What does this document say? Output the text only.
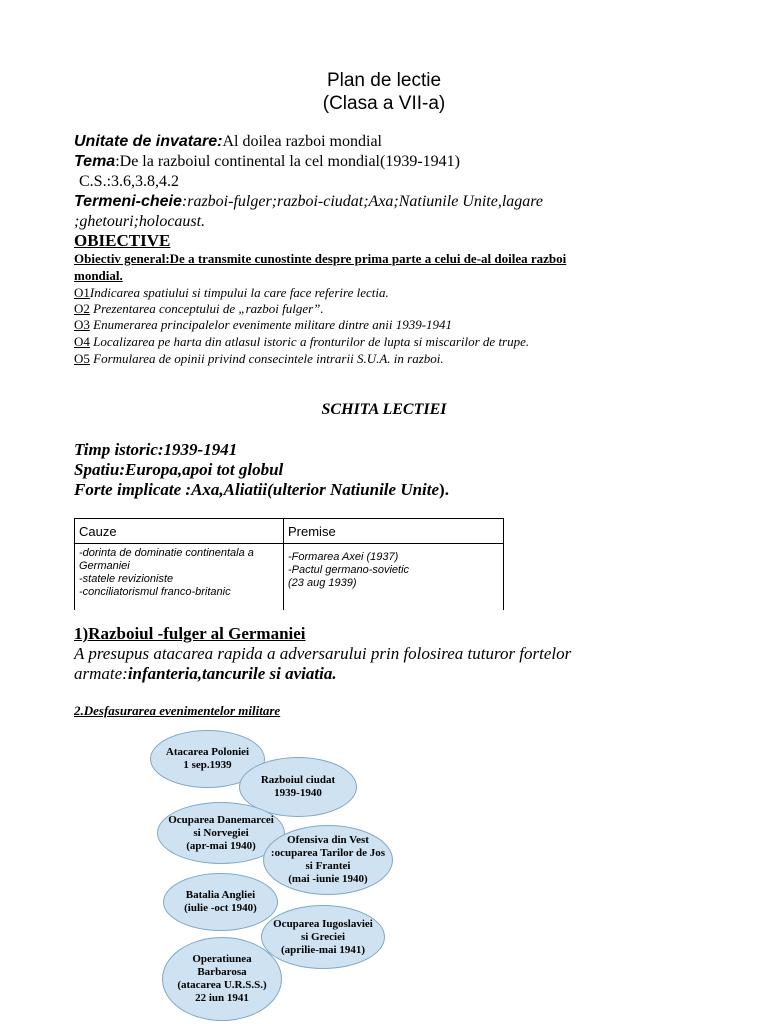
Plan de lectie
(Clasa a VII-a)
Unitate de invatare:Al doilea razboi mondial
Tema:De la razboiul continental la cel mondial(1939-1941)
C.S.:3.6,3.8,4.2
Termeni-cheie:razboi-fulger;razboi-ciudat;Axa;Natiunile Unite,lagare
;ghetouri;holocaust.
OBIECTIVE
Obiectiv general:De a transmite cunostinte despre prima parte a celui de-al doilea razboi
mondial.
O1Indicarea spatiului si timpului la care face referire lectia.
O2 Prezentarea conceptului de „razboi fulger”.
O3 Enumerarea principalelor evenimente militare dintre anii 1939-1941
O4 Localizarea pe harta din atlasul istoric a fronturilor de lupta si miscarilor de trupe.
O5 Formularea de opinii privind consecintele intrarii S.U.A. in razboi.
SCHITA LECTIEI
Timp istoric:1939-1941
Spatiu:Europa,apoi tot globul
Forte implicate :Axa,Aliatii(ulterior Natiunile Unite).
Cauze	Premise

-dorinta de dominatie continentala a
Germaniei
-statele revizioniste
-conciliatorismul franco-britanic	-Formarea Axei (1937)
-Pactul germano-sovietic
(23 aug 1939)
1)Razboiul -fulger al Germaniei
A presupus atacarea rapida a adversarului prin folosirea tuturor fortelor
armate:infanteria,tancurile si aviatia.
2.Desfasurarea evenimentelor militare
Atacarea Poloniei
1 sep.1939
Razboiul ciudat
1939-1940
Ocuparea Danemarcei
si Norvegiei
(apr-mai 1940)	Ofensiva din Vest
:ocuparea Tarilor de Jos
si Frantei
(mai -iunie 1940)
Batalia Angliei
(iulie -oct 1940)
Ocuparea Iugoslaviei
si Greciei
(aprilie-mai 1941)
Operatiunea
Barbarosa
(atacarea U.R.S.S.)
22 iun 1941
